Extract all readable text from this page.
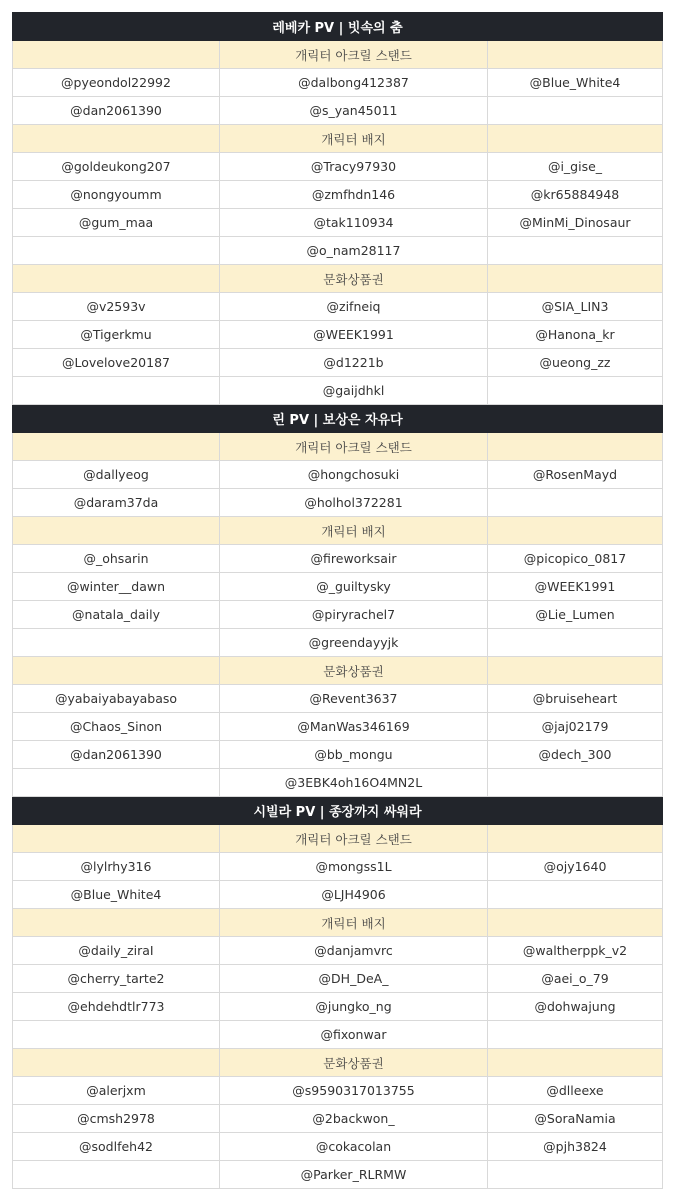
레베카 PV | 빗속의 춤		
	개릭터 아크릴 스탠드	
@pyeondol22992	@dalbong412387	@Blue_White4
@dan2061390	@s_yan45011	
	개릭터 배지	
@goldeukong207	@Tracy97930	@i_gise_
@nongyoumm	@zmfhdn146	@kr65884948
@gum_maa	@tak110934	@MinMi_Dinosaur
	@o_nam28117	
	문화상품권	
@v2593v	@zifneiq	@SIA_LIN3
@Tigerkmu	@WEEK1991	@Hanona_kr
@Lovelove20187	@d1221b	@ueong_zz
	@gaijdhkl	
린 PV | 보상은 자유다		
	개릭터 아크릴 스탠드	
@dallyeog	@hongchosuki	@RosenMayd
@daram37da	@holhol372281	
	개릭터 배지	
@_ohsarin	@fireworksair	@picopico_0817
@winter__dawn	@_guiltysky	@WEEK1991
@natala_daily	@piryrachel7	@Lie_Lumen
	@greendayyjk	
	문화상품권	
@yabaiyabayabaso	@Revent3637	@bruiseheart
@Chaos_Sinon	@ManWas346169	@jaj02179
@dan2061390	@bb_mongu	@dech_300
	@3EBK4oh16O4MN2L	
시빌라 PV | 종장까지 싸워라		
	개릭터 아크릴 스탠드	
@lylrhy316	@mongss1L	@ojy1640
@Blue_White4	@LJH4906	
	개릭터 배지	
@daily_ziraI	@danjamvrc	@waltherppk_v2
@cherry_tarte2	@DH_DeA_	@aei_o_79
@ehdehdtlr773	@jungko_ng	@dohwajung
	@fixonwar	
	문화상품권	
@alerjxm	@s9590317013755	@dlleexe
@cmsh2978	@2backwon_	@SoraNamia
@sodlfeh42	@cokacolan	@pjh3824
	@Parker_RLRMW	
